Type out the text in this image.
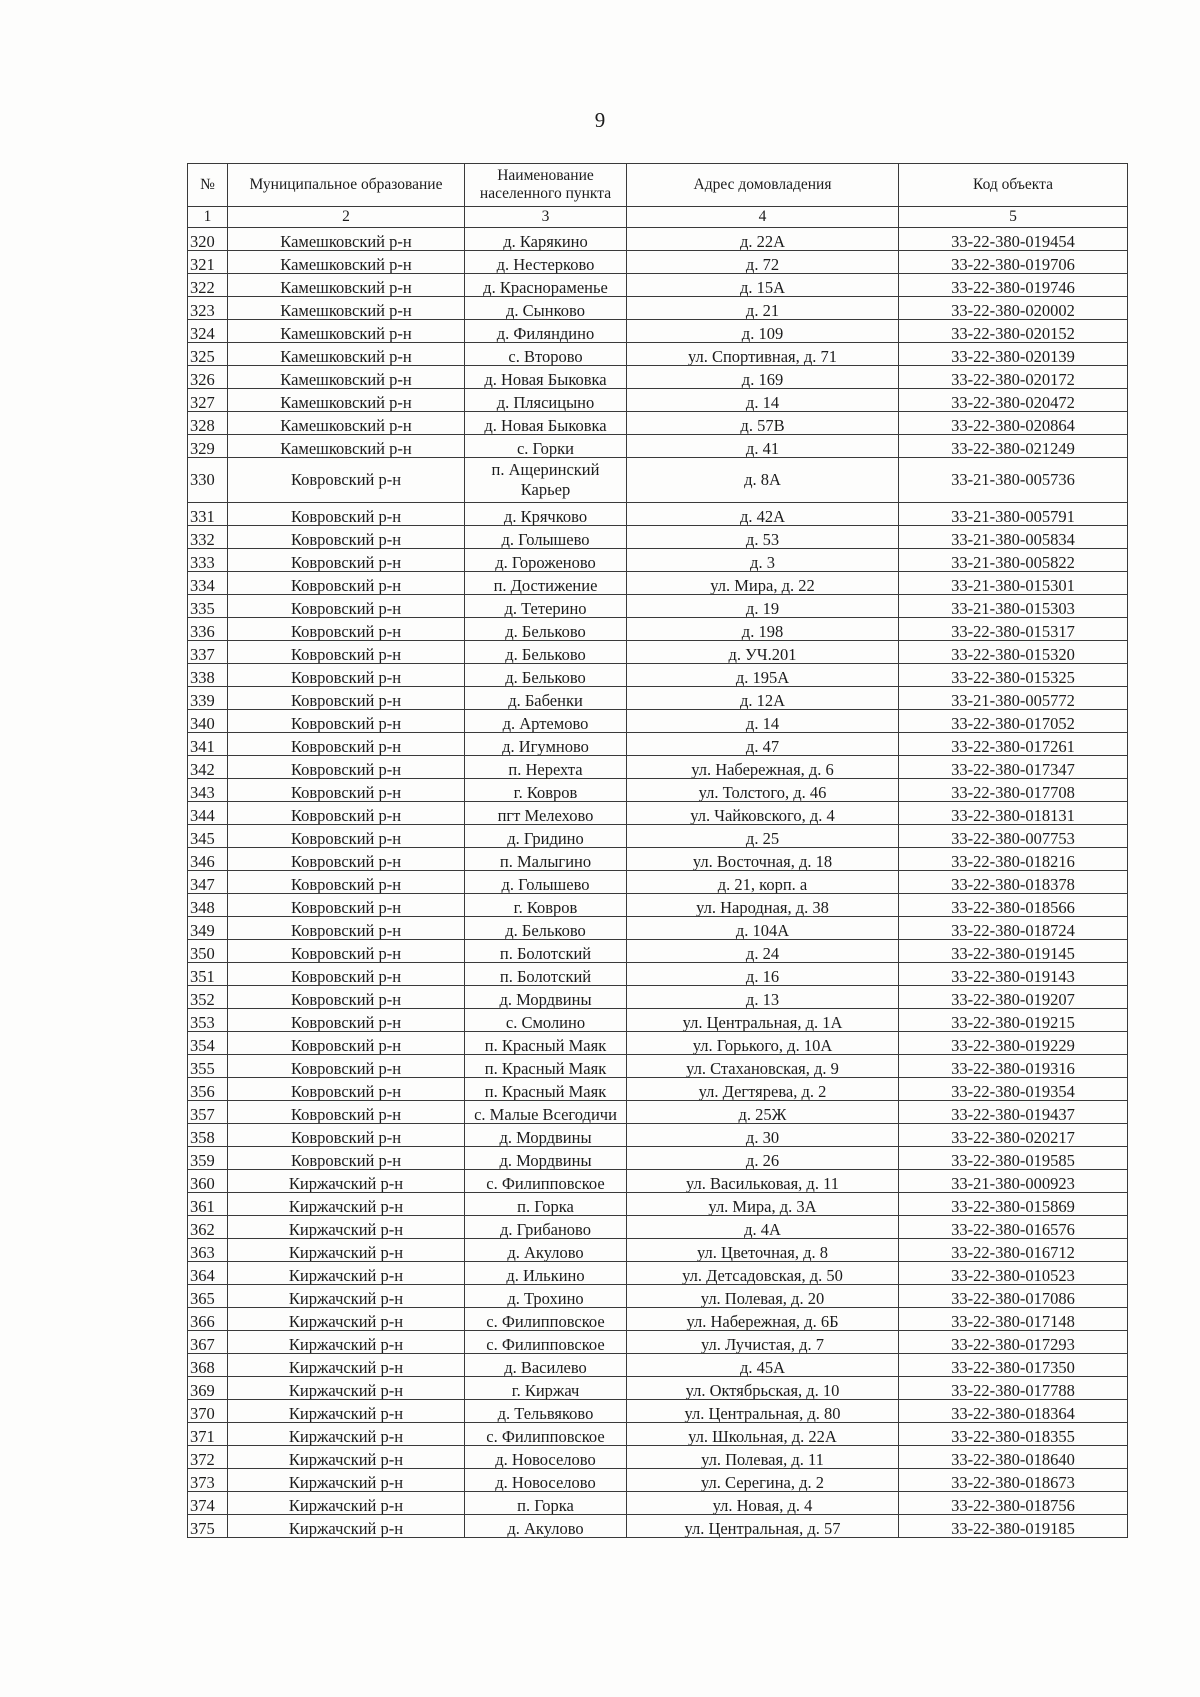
9
№	Муниципальное образование	Наименование населенного пункта	Адрес домовладения	Код объекта
1	2	3	4	5
320	Камешковский р-н	д. Карякино	д. 22А	33-22-380-019454
321	Камешковский р-н	д. Нестерково	д. 72	33-22-380-019706
322	Камешковский р-н	д. Краснораменье	д. 15А	33-22-380-019746
323	Камешковский р-н	д. Сынково	д. 21	33-22-380-020002
324	Камешковский р-н	д. Филяндино	д. 109	33-22-380-020152
325	Камешковский р-н	с. Второво	ул. Спортивная, д. 71	33-22-380-020139
326	Камешковский р-н	д. Новая Быковка	д. 169	33-22-380-020172
327	Камешковский р-н	д. Плясицыно	д. 14	33-22-380-020472
328	Камешковский р-н	д. Новая Быковка	д. 57В	33-22-380-020864
329	Камешковский р-н	с. Горки	д. 41	33-22-380-021249
330	Ковровский р-н	п. Ащеринский Карьер	д. 8А	33-21-380-005736
331	Ковровский р-н	д. Крячково	д. 42А	33-21-380-005791
332	Ковровский р-н	д. Голышево	д. 53	33-21-380-005834
333	Ковровский р-н	д. Гороженово	д. 3	33-21-380-005822
334	Ковровский р-н	п. Достижение	ул. Мира, д. 22	33-21-380-015301
335	Ковровский р-н	д. Тетерино	д. 19	33-21-380-015303
336	Ковровский р-н	д. Бельково	д. 198	33-22-380-015317
337	Ковровский р-н	д. Бельково	д. УЧ.201	33-22-380-015320
338	Ковровский р-н	д. Бельково	д. 195А	33-22-380-015325
339	Ковровский р-н	д. Бабенки	д. 12А	33-21-380-005772
340	Ковровский р-н	д. Артемово	д. 14	33-22-380-017052
341	Ковровский р-н	д. Игумново	д. 47	33-22-380-017261
342	Ковровский р-н	п. Нерехта	ул. Набережная, д. 6	33-22-380-017347
343	Ковровский р-н	г. Ковров	ул. Толстого, д. 46	33-22-380-017708
344	Ковровский р-н	пгт Мелехово	ул. Чайковского, д. 4	33-22-380-018131
345	Ковровский р-н	д. Гридино	д. 25	33-22-380-007753
346	Ковровский р-н	п. Малыгино	ул. Восточная, д. 18	33-22-380-018216
347	Ковровский р-н	д. Голышево	д. 21, корп. а	33-22-380-018378
348	Ковровский р-н	г. Ковров	ул. Народная, д. 38	33-22-380-018566
349	Ковровский р-н	д. Бельково	д. 104А	33-22-380-018724
350	Ковровский р-н	п. Болотский	д. 24	33-22-380-019145
351	Ковровский р-н	п. Болотский	д. 16	33-22-380-019143
352	Ковровский р-н	д. Мордвины	д. 13	33-22-380-019207
353	Ковровский р-н	с. Смолино	ул. Центральная, д. 1А	33-22-380-019215
354	Ковровский р-н	п. Красный Маяк	ул. Горького, д. 10А	33-22-380-019229
355	Ковровский р-н	п. Красный Маяк	ул. Стахановская, д. 9	33-22-380-019316
356	Ковровский р-н	п. Красный Маяк	ул. Дегтярева, д. 2	33-22-380-019354
357	Ковровский р-н	с. Малые Всегодичи	д. 25Ж	33-22-380-019437
358	Ковровский р-н	д. Мордвины	д. 30	33-22-380-020217
359	Ковровский р-н	д. Мордвины	д. 26	33-22-380-019585
360	Киржачский р-н	с. Филипповское	ул. Васильковая, д. 11	33-21-380-000923
361	Киржачский р-н	п. Горка	ул. Мира, д. 3А	33-22-380-015869
362	Киржачский р-н	д. Грибаново	д. 4А	33-22-380-016576
363	Киржачский р-н	д. Акулово	ул. Цветочная, д. 8	33-22-380-016712
364	Киржачский р-н	д. Илькино	ул. Детсадовская, д. 50	33-22-380-010523
365	Киржачский р-н	д. Трохино	ул. Полевая, д. 20	33-22-380-017086
366	Киржачский р-н	с. Филипповское	ул. Набережная, д. 6Б	33-22-380-017148
367	Киржачский р-н	с. Филипповское	ул. Лучистая, д. 7	33-22-380-017293
368	Киржачский р-н	д. Василево	д. 45А	33-22-380-017350
369	Киржачский р-н	г. Киржач	ул. Октябрьская, д. 10	33-22-380-017788
370	Киржачский р-н	д. Тельвяково	ул. Центральная, д. 80	33-22-380-018364
371	Киржачский р-н	с. Филипповское	ул. Школьная, д. 22А	33-22-380-018355
372	Киржачский р-н	д. Новоселово	ул. Полевая, д. 11	33-22-380-018640
373	Киржачский р-н	д. Новоселово	ул. Серегина, д. 2	33-22-380-018673
374	Киржачский р-н	п. Горка	ул. Новая, д. 4	33-22-380-018756
375	Киржачский р-н	д. Акулово	ул. Центральная, д. 57	33-22-380-019185
